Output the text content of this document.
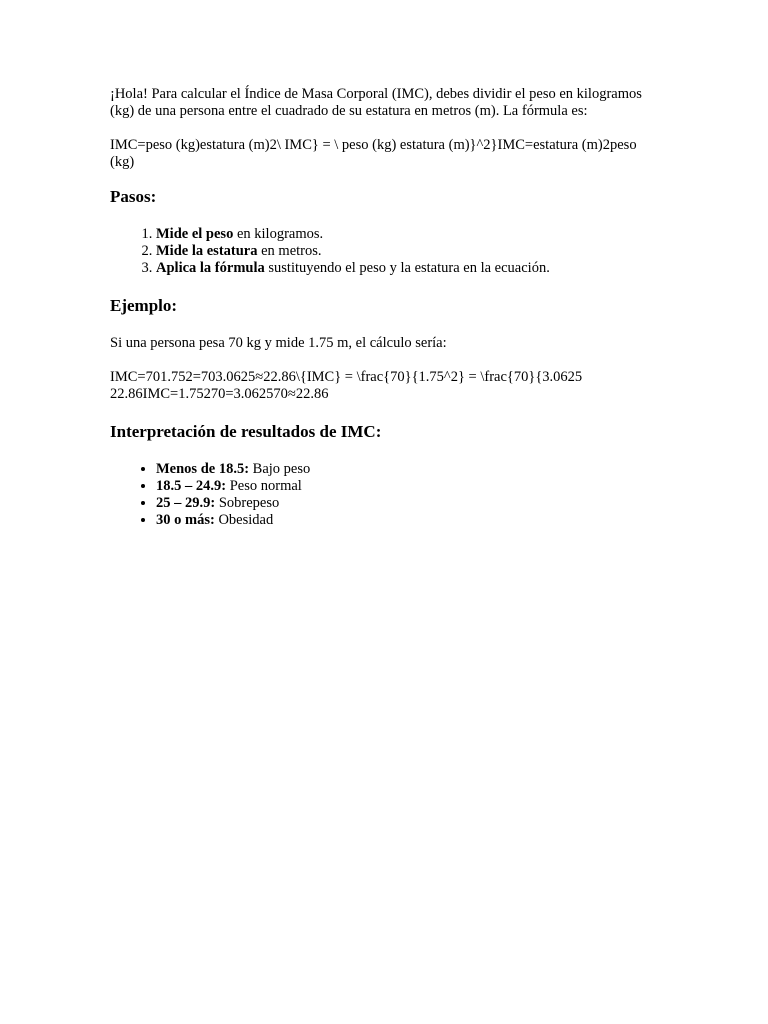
¡Hola! Para calcular el Índice de Masa Corporal (IMC), debes dividir el peso en kilogramos (kg) de una persona entre el cuadrado de su estatura en metros (m). La fórmula es:

IMC=peso (kg)estatura (m)2\ IMC} = \ peso (kg) estatura (m)}^2}IMC=estatura (m)2peso (kg)

Pasos:
1. Mide el peso en kilogramos.
2. Mide la estatura en metros.
3. Aplica la fórmula sustituyendo el peso y la estatura en la ecuación.
Ejemplo:

Si una persona pesa 70 kg y mide 1.75 m, el cálculo sería:

IMC=701.752=703.0625≈22.86\{IMC} = \frac{70}{1.75^2} = \frac{70}{3.0625 22.86IMC=1.75270=3.062570≈22.86

Interpretación de resultados de IMC:
• Menos de 18.5: Bajo peso
• 18.5 – 24.9: Peso normal
• 25 – 29.9: Sobrepeso
• 30 o más: Obesidad
